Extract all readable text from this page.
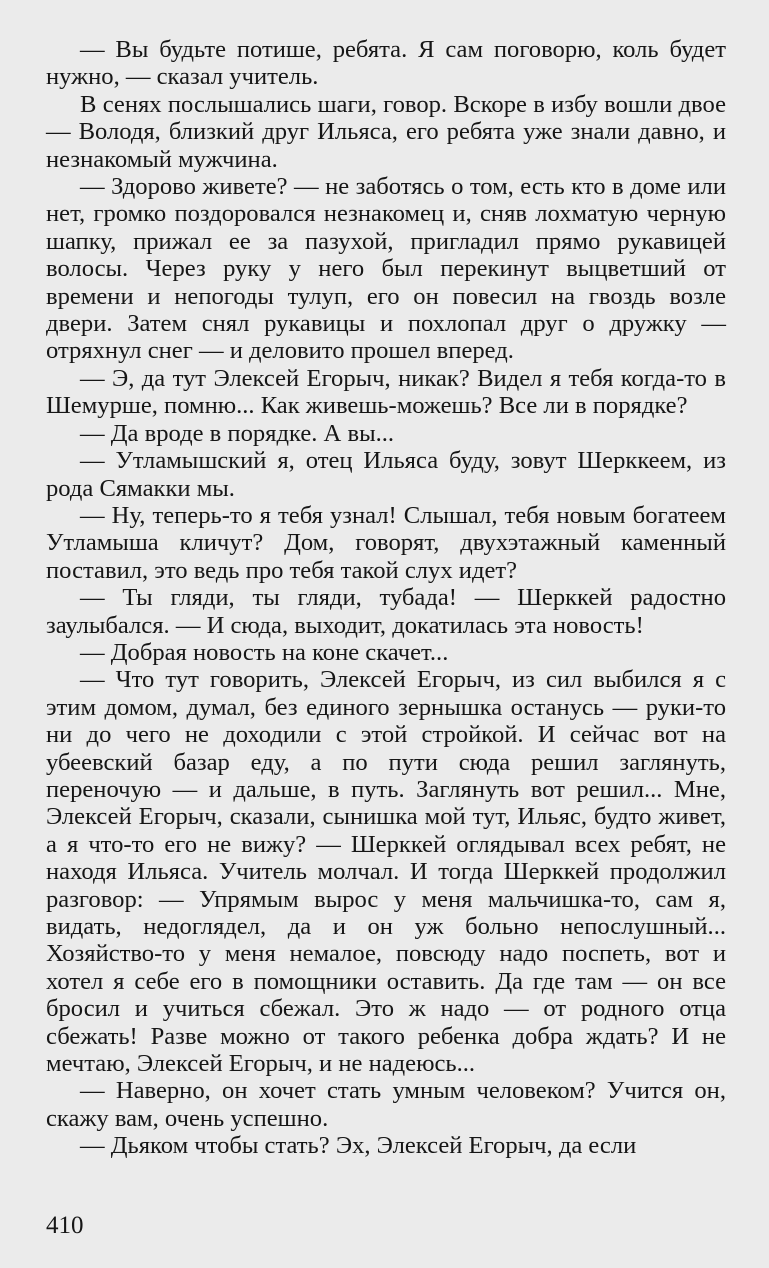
— Вы будьте потише, ребята. Я сам поговорю, коль будет нужно, — сказал учитель.

В сенях послышались шаги, говор. Вскоре в избу вошли двое — Володя, близкий друг Ильяса, его ребята уже знали давно, и незнакомый мужчина.

— Здорово живете? — не заботясь о том, есть кто в доме или нет, громко поздоровался незнакомец и, сняв лохматую черную шапку, прижал ее за пазухой, пригладил прямо рукавицей волосы. Через руку у него был перекинут выцветший от времени и непогоды тулуп, его он повесил на гвоздь возле двери. Затем снял рукавицы и похлопал друг о дружку — отряхнул снег — и деловито прошел вперед.

— Э, да тут Элексей Егорыч, никак? Видел я тебя когда-то в Шемурше, помню... Как живешь-можешь? Все ли в порядке?

— Да вроде в порядке. А вы...

— Утламышский я, отец Ильяса буду, зовут Шерккеем, из рода Сямакки мы.

— Ну, теперь-то я тебя узнал! Слышал, тебя новым богатеем Утламыша кличут? Дом, говорят, двухэтажный каменный поставил, это ведь про тебя такой слух идет?

— Ты гляди, ты гляди, тубада! — Шерккей радостно заулыбался. — И сюда, выходит, докатилась эта новость!

— Добрая новость на коне скачет...

— Что тут говорить, Элексей Егорыч, из сил выбился я с этим домом, думал, без единого зернышка останусь — руки-то ни до чего не доходили с этой стройкой. И сейчас вот на убеевский базар еду, а по пути сюда решил заглянуть, переночую — и дальше, в путь. Заглянуть вот решил... Мне, Элексей Егорыч, сказали, сынишка мой тут, Ильяс, будто живет, а я что-то его не вижу? — Шерккей оглядывал всех ребят, не находя Ильяса. Учитель молчал. И тогда Шерккей продолжил разговор: — Упрямым вырос у меня мальчишка-то, сам я, видать, недоглядел, да и он уж больно непослушный... Хозяйство-то у меня немалое, повсюду надо поспеть, вот и хотел я себе его в помощники оставить. Да где там — он все бросил и учиться сбежал. Это ж надо — от родного отца сбежать! Разве можно от такого ребенка добра ждать? И не мечтаю, Элексей Егорыч, и не надеюсь...

— Наверно, он хочет стать умным человеком? Учится он, скажу вам, очень успешно.

— Дьяком чтобы стать? Эх, Элексей Егорыч, да если

410
